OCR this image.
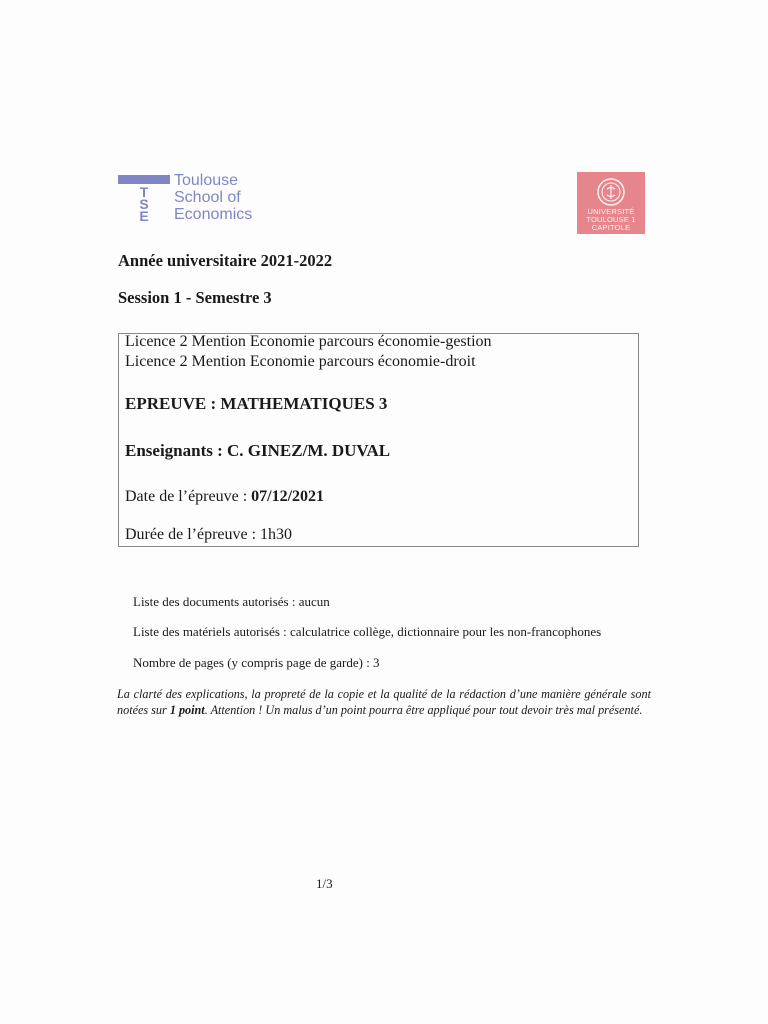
T
S
E
Toulouse
School of
Economics	UNIVERSITÉ
TOULOUSE 1
CAPITOLE
Année universitaire 2021-2022
Session 1 - Semestre 3
Licence 2 Mention Economie parcours économie-gestion
Licence 2 Mention Economie parcours économie-droit
EPREUVE : MATHEMATIQUES 3
Enseignants : C. GINEZ/M. DUVAL
Date de l’épreuve : 07/12/2021
Durée de l’épreuve : 1h30
Liste des documents autorisés : aucun
Liste des matériels autorisés : calculatrice collège, dictionnaire pour les non-francophones
Nombre de pages (y compris page de garde) : 3
La clarté des explications, la propreté de la copie et la qualité de la rédaction d’une manière générale sont notées sur 1 point. Attention ! Un malus d’un point pourra être appliqué pour tout devoir très mal présenté.
1/3
